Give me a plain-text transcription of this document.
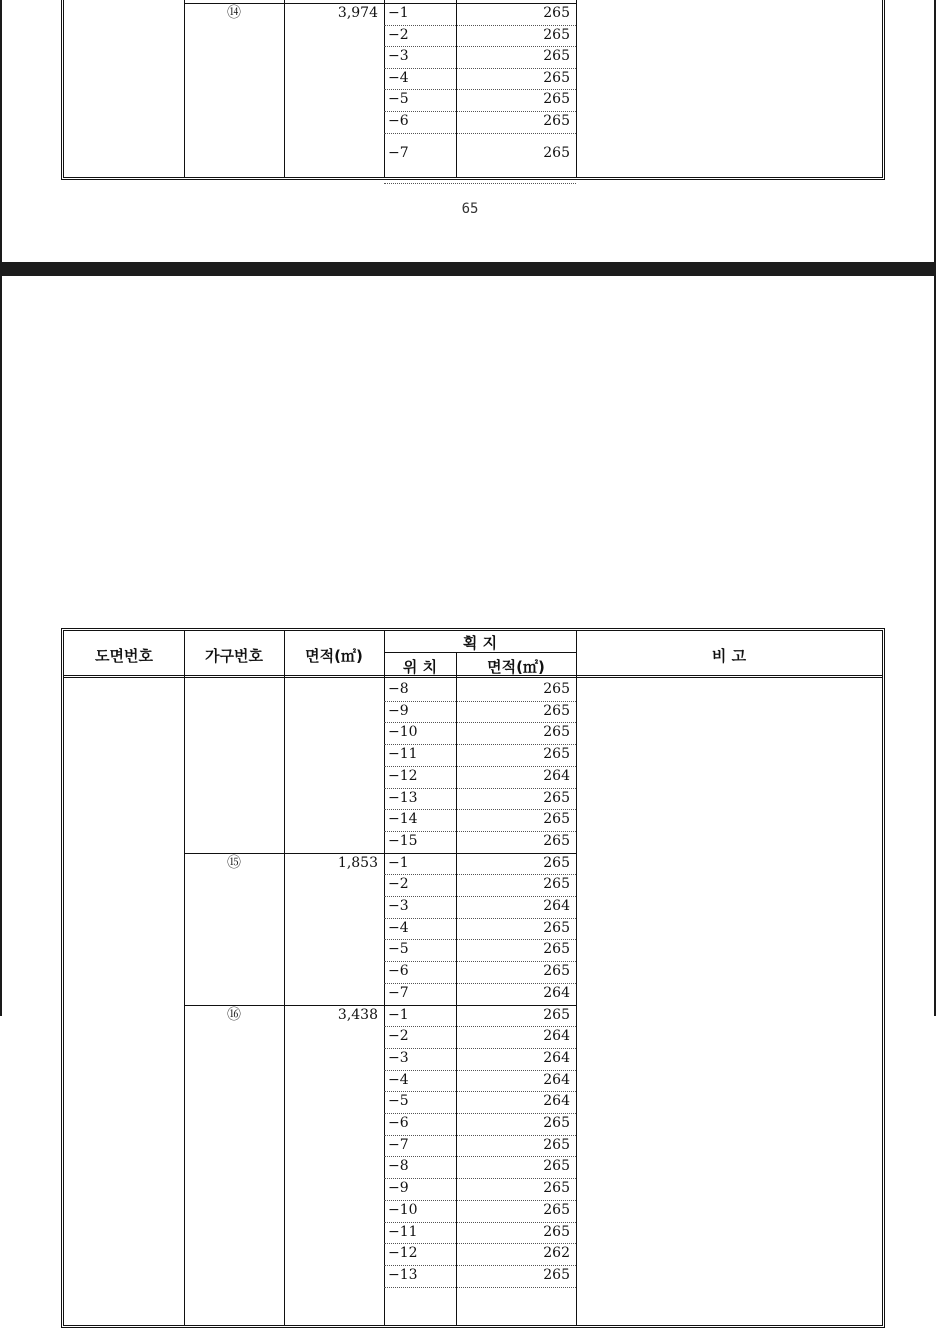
⑭	3,974 −1	265
−2	265
−3	265
−4	265
−5	265
−6	265
−7	265
65
도면번호	가구번호	면적(㎡)
획 지
위 치	면적(㎡)
비 고
−8	265
−9	265
−10	265
−11	265
−12	264
−13	265
−14	265
−15	265
⑮	1,853 −1	265
−2	265
−3	264
−4	265
−5	265
−6	265
−7	264
⑯	3,438 −1	265
−2	264
−3	264
−4	264
−5	264
−6	265
−7	265
−8	265
−9	265
−10	265
−11	265
−12	262
−13	265
